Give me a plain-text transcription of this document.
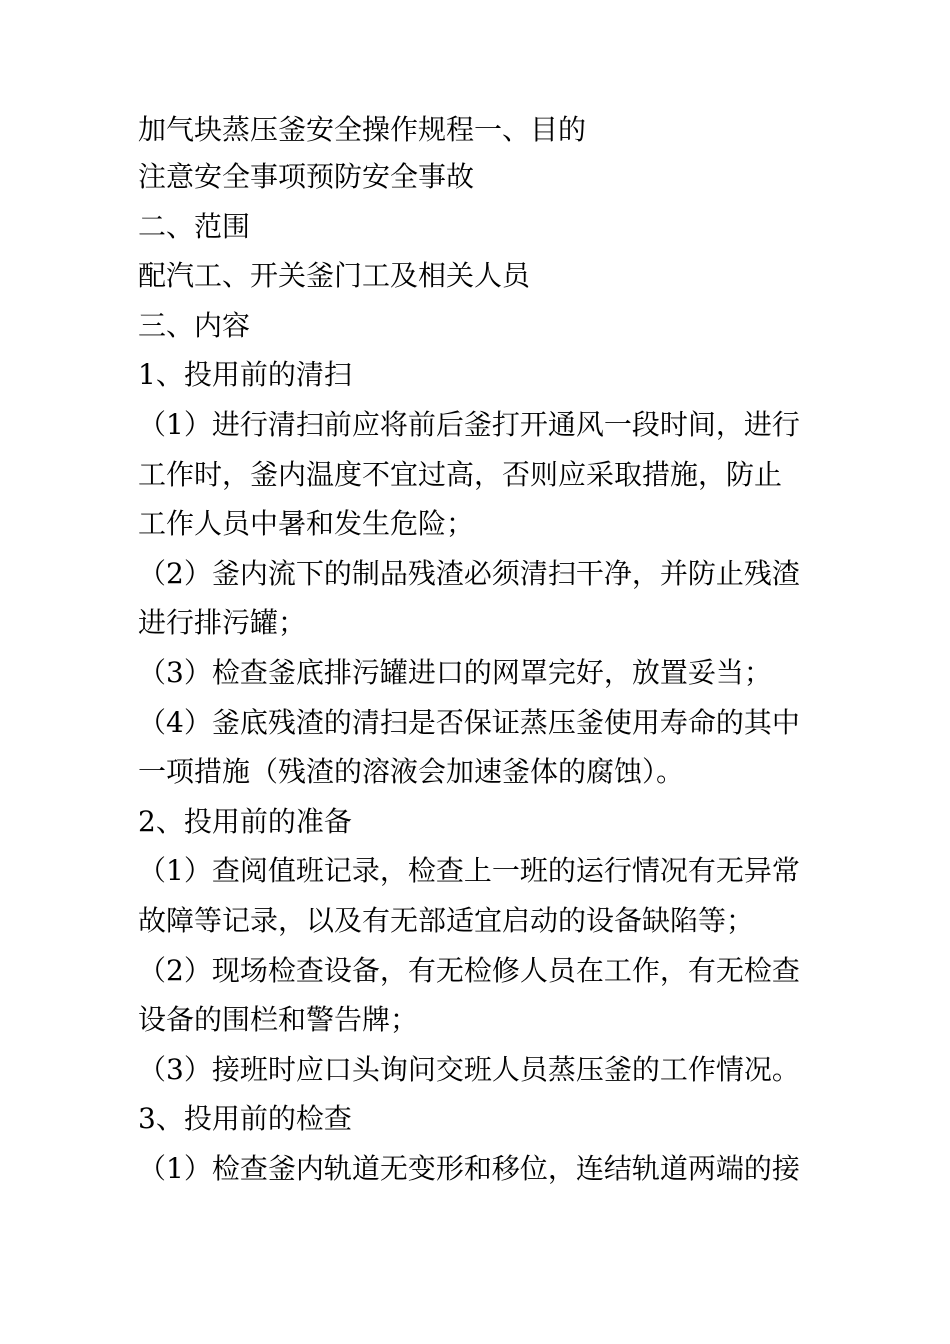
加气块蒸压釜安全操作规程一、目的
注意安全事项预防安全事故
二、范围
配汽工、开关釜门工及相关人员
三、内容
1、投用前的清扫
（1）进行清扫前应将前后釜打开通风一段时间，进行
工作时，釜内温度不宜过高，否则应采取措施，防止
工作人员中暑和发生危险；
（2）釜内流下的制品残渣必须清扫干净，并防止残渣
进行排污罐；
（3）检查釜底排污罐进口的网罩完好，放置妥当；
（4）釜底残渣的清扫是否保证蒸压釜使用寿命的其中
一项措施（残渣的溶液会加速釜体的腐蚀）。
2、投用前的准备
（1）查阅值班记录，检查上一班的运行情况有无异常
故障等记录，以及有无部适宜启动的设备缺陷等；
（2）现场检查设备，有无检修人员在工作，有无检查
设备的围栏和警告牌；
（3）接班时应口头询问交班人员蒸压釜的工作情况。
3、投用前的检查
（1）检查釜内轨道无变形和移位，连结轨道两端的接
